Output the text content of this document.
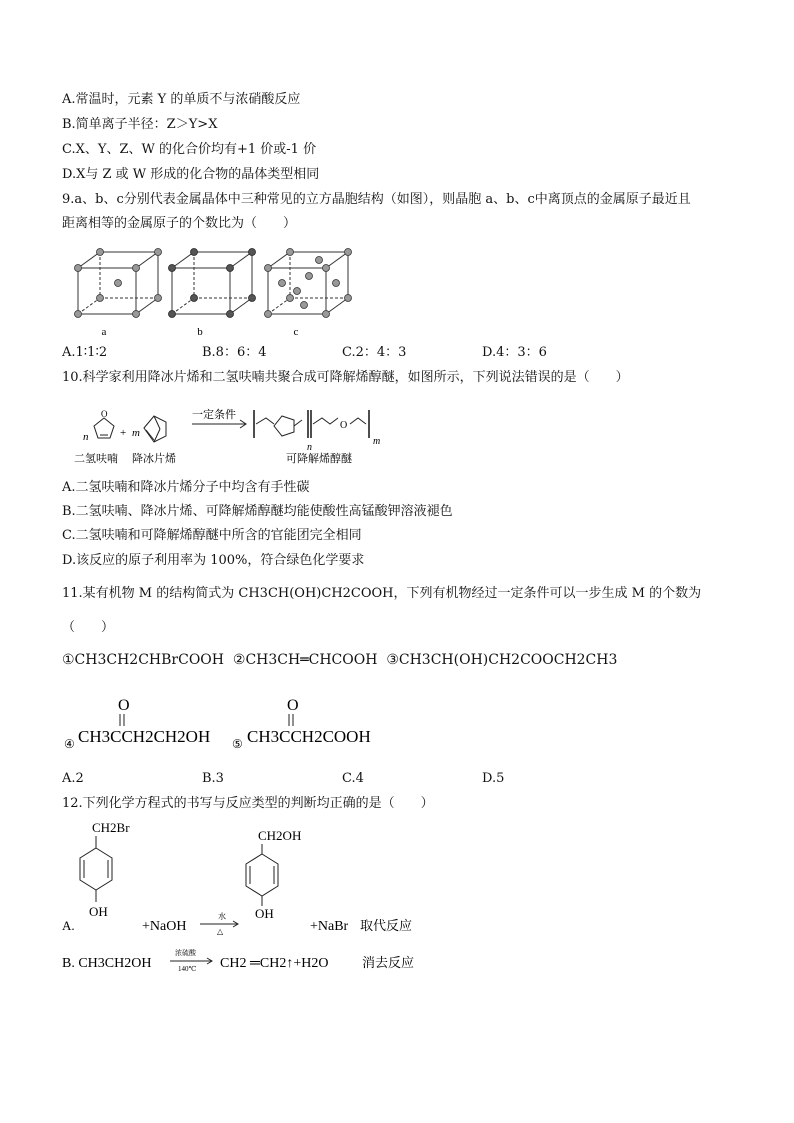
A.常温时，元素 Y 的单质不与浓硝酸反应
B.简单离子半径：Z＞Y>X
C.X、Y、Z、W 的化合价均有+1 价或-1 价
D.X与 Z 或 W 形成的化合物的晶体类型相同
9.a、b、c分别代表金属晶体中三种常见的立方晶胞结构（如图），则晶胞 a、b、c中离顶点的金属原子最近且
距离相等的金属原子的个数比为（　　）
a	b	c
A.1∶1∶2	B.8：6：4	C.2：4：3	D.4：3：6
10.科学家利用降冰片烯和二氢呋喃共聚合成可降解烯醇醚，如图所示，下列说法错误的是（　　）
n
O
+ m
一定条件
n
O
m
二氢呋喃 降冰片烯	可降解烯醇醚
A.二氢呋喃和降冰片烯分子中均含有手性碳
B.二氢呋喃、降冰片烯、可降解烯醇醚均能使酸性高锰酸钾溶液褪色
C.二氢呋喃和可降解烯醇醚中所含的官能团完全相同
D.该反应的原子利用率为 100%，符合绿色化学要求
11.某有机物 M 的结构简式为 CH3CH(OH)CH2COOH，下列有机物经过一定条件可以一步生成 M 的个数为
（　　）
①CH3CH2CHBrCOOH ②CH3CH═CHCOOH ③CH3CH(OH)CH2COOCH2CH3
O
④ CH3CCH2CH2OH
O
⑤ CH3CCH2COOH
A.2	B.3	C.4	D.5
12.下列化学方程式的书写与反应类型的判断均正确的是（　　）
CH2Br
OH
A.	+NaOH
水
△
CH2OH
OH
+NaBr 取代反应
B. CH3CH2OH
浓硫酸
140℃ CH2 ═CH2↑+H2O	消去反应
